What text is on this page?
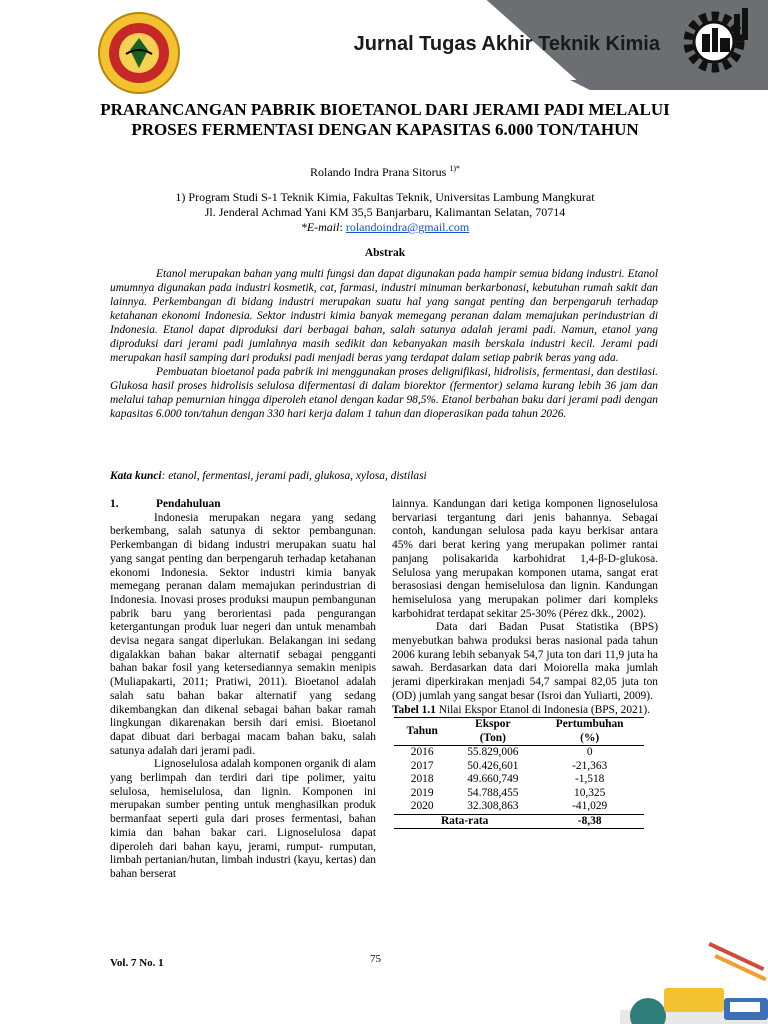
Jurnal Tugas Akhir Teknik Kimia
PRARANCANGAN PABRIK BIOETANOL DARI JERAMI PADI MELALUI PROSES FERMENTASI DENGAN KAPASITAS 6.000 TON/TAHUN
Rolando Indra Prana Sitorus $^{1)*}$
1) Program Studi S-1 Teknik Kimia, Fakultas Teknik, Universitas Lambung Mangkurat
Jl. Jenderal Achmad Yani KM 35,5 Banjarbaru, Kalimantan Selatan, 70714
*E-mail: rolandoindra@gmail.com
Abstrak

Etanol merupakan bahan yang multi fungsi dan dapat digunakan pada hampir semua bidang industri. Etanol umumnya digunakan pada industri kosmetik, cat, farmasi, industri minuman berkarbonasi, kebutuhan rumah sakit dan lainnya. Perkembangan di bidang industri merupakan suatu hal yang sangat penting dan berpengaruh terhadap ketahanan ekonomi Indonesia. Sektor industri kimia banyak memegang peranan dalam memajukan perindustrian di Indonesia. Etanol dapat diproduksi dari berbagai bahan, salah satunya adalah jerami padi. Namun, etanol yang diproduksi dari jerami padi jumlahnya masih sedikit dan kebanyakan masih berskala industri kecil. Jerami padi merupakan hasil samping dari produksi padi menjadi beras yang terdapat dalam setiap pabrik beras yang ada.

Pembuatan bioetanol pada pabrik ini menggunakan proses delignifikasi, hidrolisis, fermentasi, dan destilasi. Glukosa hasil proses hidrolisis selulosa difermentasi di dalam biorektor (fermentor) selama kurang lebih 36 jam dan melalui tahap pemurnian hingga diperoleh etanol dengan kadar 98,5%. Etanol berbahan baku dari jerami padi dengan kapasitas 6.000 ton/tahun dengan 330 hari kerja dalam 1 tahun dan dioperasikan pada tahun 2026.

Kata kunci: etanol, fermentasi, jerami padi, glukosa, xylosa, distilasi
1.	Pendahuluan

Indonesia merupakan negara yang sedang berkembang, salah satunya di sektor pembangunan. Perkembangan di bidang industri merupakan suatu hal yang sangat penting dan berpengaruh terhadap ketahanan ekonomi Indonesia. Sektor industri kimia banyak memegang peranan dalam memajukan perindustrian di Indonesia. Inovasi proses produksi maupun pembangunan pabrik baru yang berorientasi pada pengurangan ketergantungan produk luar negeri dan untuk menambah devisa negara sangat diperlukan. Belakangan ini sedang digalakkan bahan bakar alternatif sebagai pengganti bahan bakar fosil yang ketersediannya semakin menipis (Muliapakarti, 2011; Pratiwi, 2011). Bioetanol adalah salah satu bahan bakar alternatif yang sedang dikembangkan dan dikenal sebagai bahan bakar ramah lingkungan dikarenakan bersih dari emisi. Bioetanol dapat dibuat dari berbagai macam bahan baku, salah satunya adalah dari jerami padi.

Lignoselulosa adalah komponen organik di alam yang berlimpah dan terdiri dari tipe polimer, yaitu selulosa, hemiselulosa, dan lignin. Komponen ini merupakan sumber penting untuk menghasilkan produk bermanfaat seperti gula dari proses fermentasi, bahan kimia dan bahan bakar cari. Lignoselulosa dapat diperoleh dari bahan kayu, jerami, rumput- rumputan, limbah pertanian/hutan, limbah industri (kayu, kertas) dan bahan berserat

lainnya. Kandungan dari ketiga komponen lignoselulosa bervariasi tergantung dari jenis bahannya. Sebagai contoh, kandungan selulosa pada kayu berkisar antara 45% dari berat kering yang merupakan polimer rantai panjang polisakarida karbohidrat 1,4-β-D-glukosa. Selulosa yang merupakan komponen utama, sangat erat berasosiasi dengan hemiselulosa dan lignin. Kandungan hemiselulosa yang merupakan polimer dari kompleks karbohidrat terdapat sekitar 25-30% (Pérez dkk., 2002).

Data dari Badan Pusat Statistika (BPS) menyebutkan bahwa produksi beras nasional pada tahun 2006 kurang lebih sebanyak 54,7 juta ton dari 11,9 juta ha sawah. Berdasarkan data dari Moiorella maka jumlah jerami diperkirakan menjadi 54,7 sampai 82,05 juta ton (OD) jumlah yang sangat besar (Isroi dan Yuliarti, 2009).

Tabel 1.1 Nilai Ekspor Etanol di Indonesia (BPS, 2021).

Tahun	Ekspor	Pertumbuhan
	(Ton)	(%)
2016	55.829,006	0
2017	50.426,601	-21,363
2018	49.660,749	-1,518
2019	54.788,455	10,325
2020	32.308,863	-41,029
Rata-rata		-8,38
Vol. 7 No. 1	75
